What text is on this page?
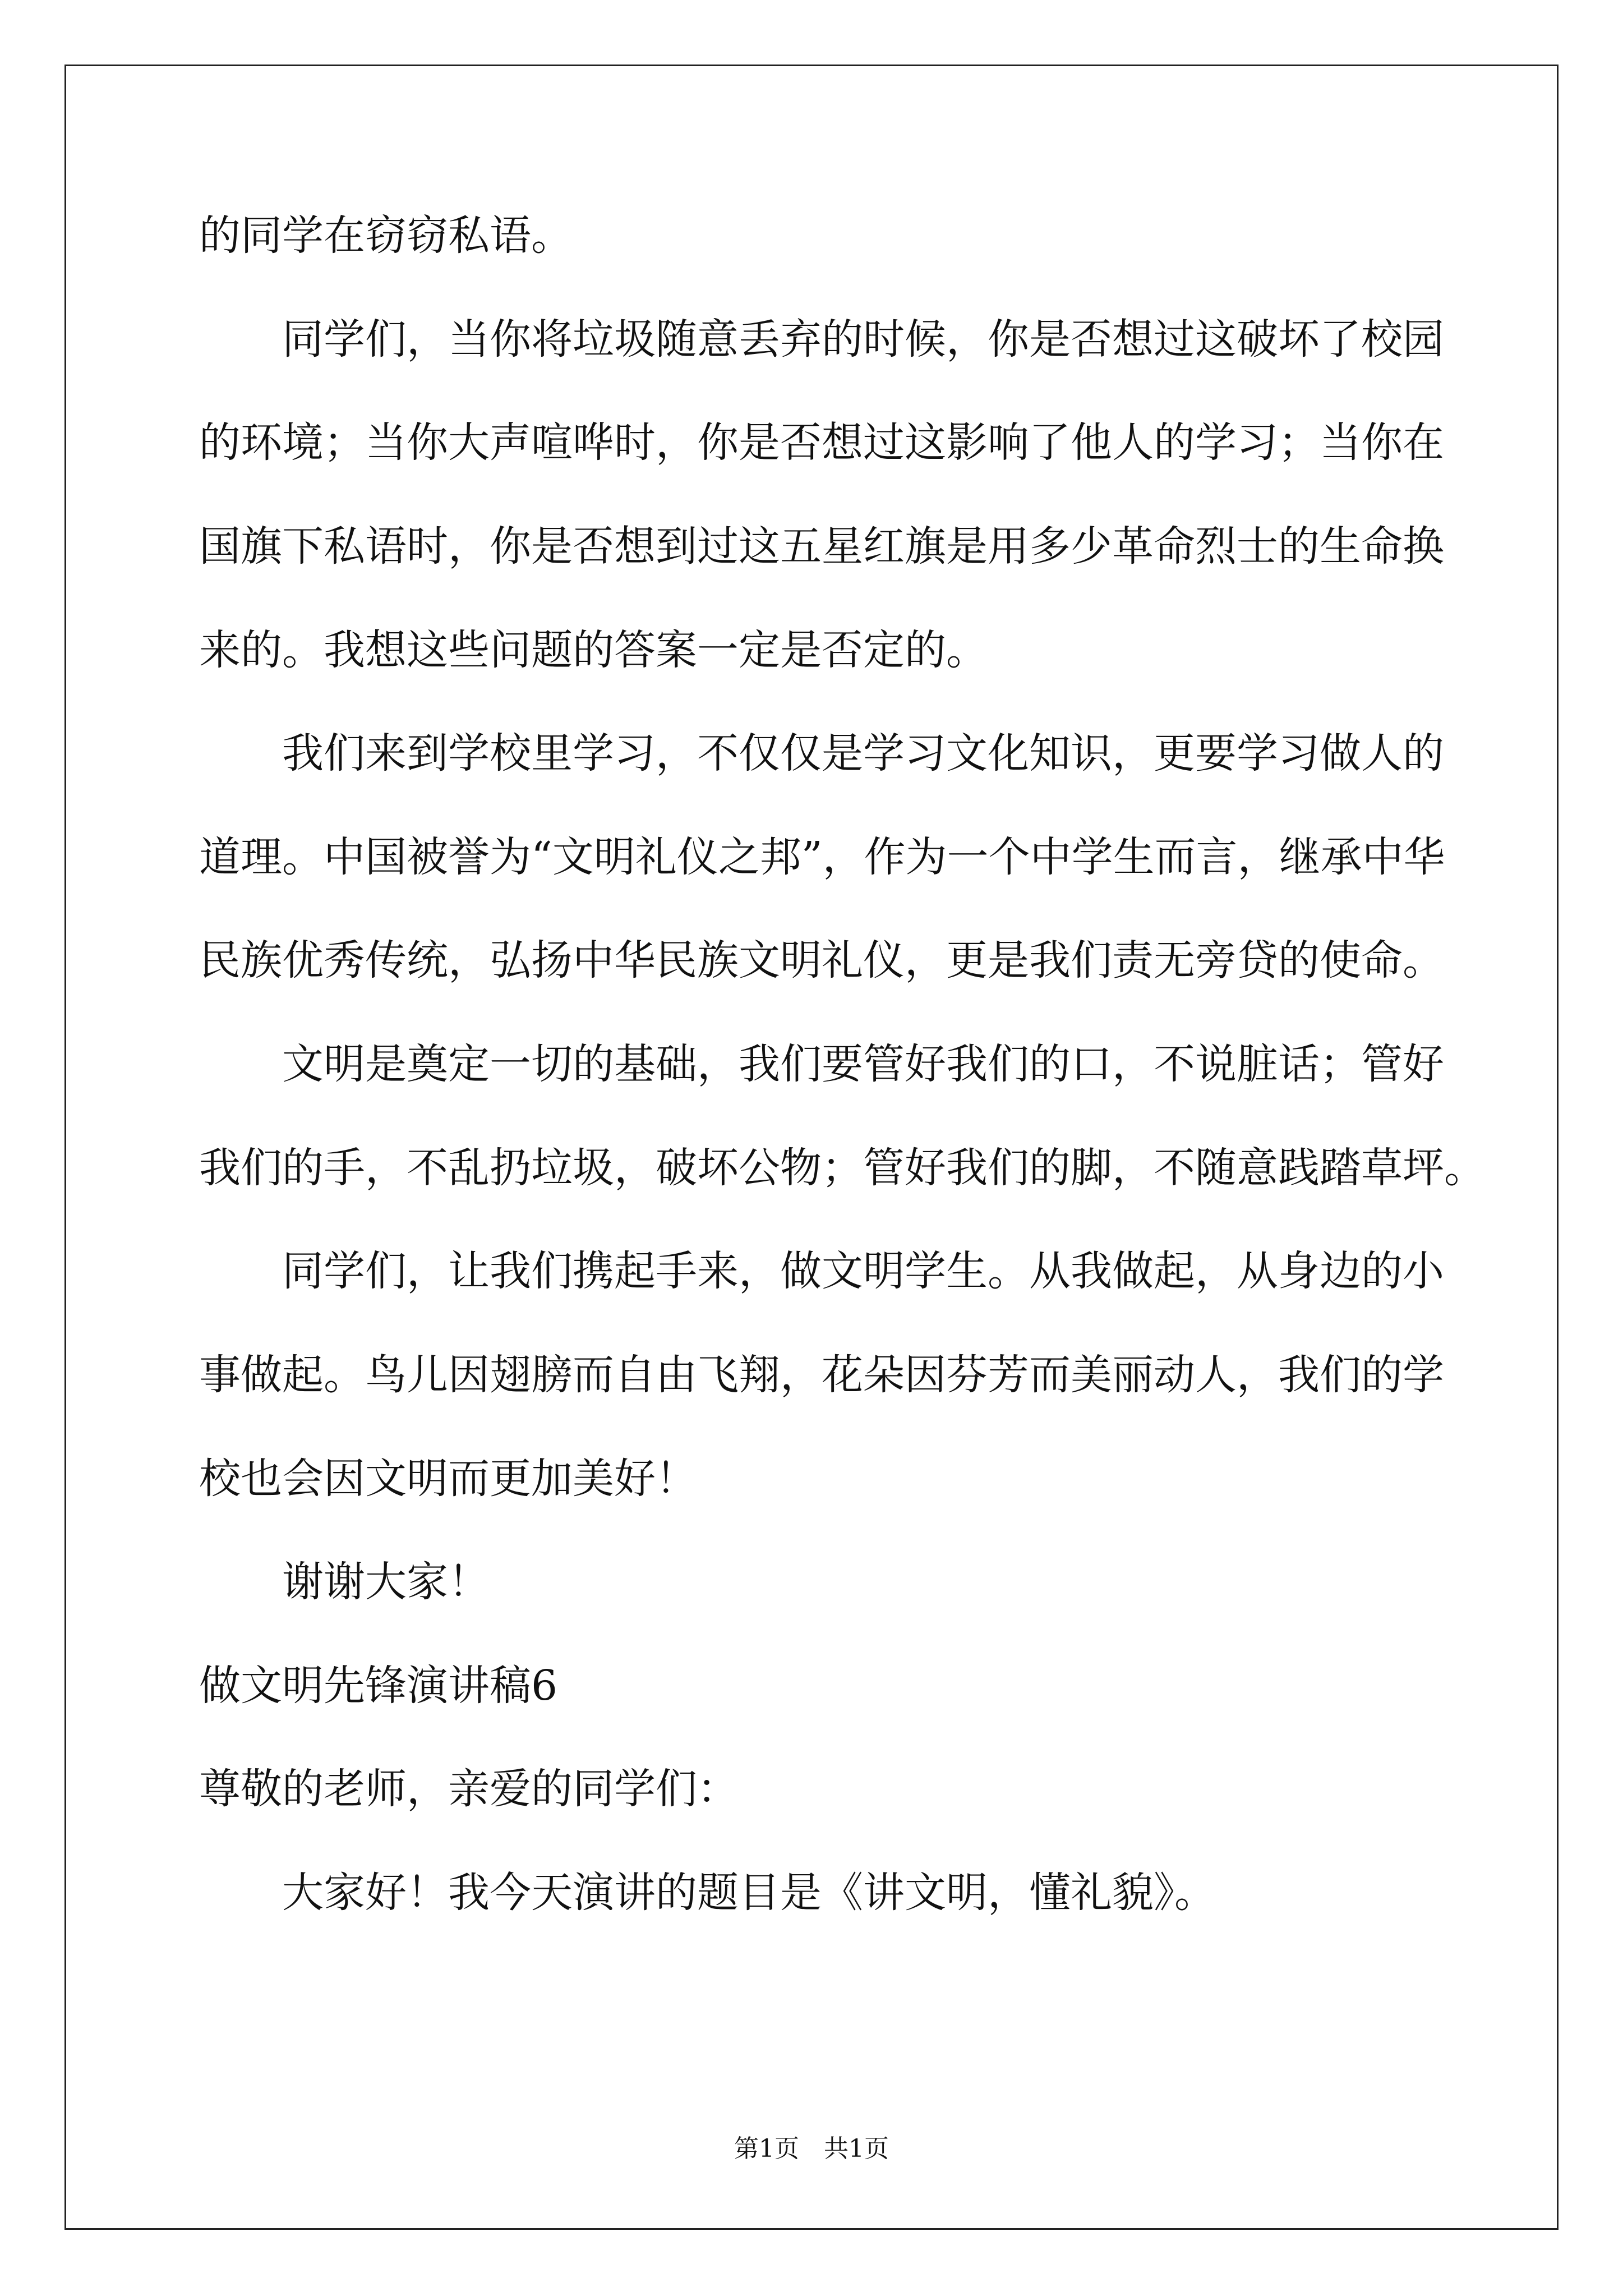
的同学在窃窃私语。
同学们，当你将垃圾随意丢弃的时候，你是否想过这破坏了校园
的环境；当你大声喧哗时，你是否想过这影响了他人的学习；当你在
国旗下私语时，你是否想到过这五星红旗是用多少革命烈士的生命换
来的。我想这些问题的答案一定是否定的。
我们来到学校里学习，不仅仅是学习文化知识，更要学习做人的
道理。中国被誉为“文明礼仪之邦”，作为一个中学生而言，继承中华
民族优秀传统，弘扬中华民族文明礼仪，更是我们责无旁贷的使命。
文明是奠定一切的基础，我们要管好我们的口，不说脏话；管好
我们的手，不乱扔垃圾，破坏公物；管好我们的脚，不随意践踏草坪。
同学们，让我们携起手来，做文明学生。从我做起，从身边的小
事做起。鸟儿因翅膀而自由飞翔，花朵因芬芳而美丽动人，我们的学
校也会因文明而更加美好！
谢谢大家！
做文明先锋演讲稿6
尊敬的老师，亲爱的同学们：
大家好！我今天演讲的题目是《讲文明，懂礼貌》。
第1页 共1页
